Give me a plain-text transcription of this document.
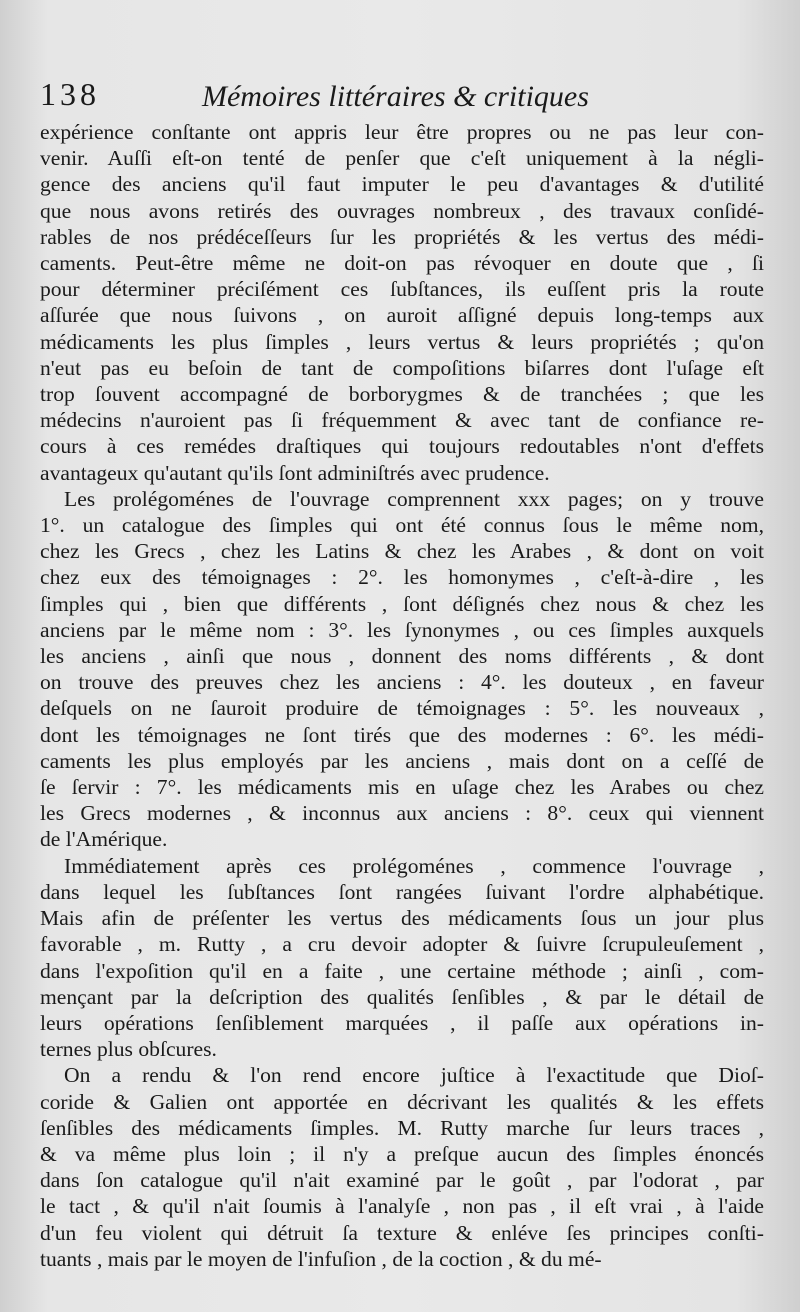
138	Mémoires littéraires & critiques
expérience conſtante ont appris leur être propres ou ne pas leur con-
venir. Auſſi eſt-on tenté de penſer que c'eſt uniquement à la négli-
gence des anciens qu'il faut imputer le peu d'avantages & d'utilité
que nous avons retirés des ouvrages nombreux , des travaux conſidé-
rables de nos prédéceſſeurs ſur les propriétés & les vertus des médi-
caments. Peut-être même ne doit-on pas révoquer en doute que , ſi
pour déterminer préciſément ces ſubſtances, ils euſſent pris la route
aſſurée que nous ſuivons , on auroit aſſigné depuis long-temps aux
médicaments les plus ſimples , leurs vertus & leurs propriétés ; qu'on
n'eut pas eu beſoin de tant de compoſitions biſarres dont l'uſage eſt
trop ſouvent accompagné de borborygmes & de tranchées ; que les
médecins n'auroient pas ſi fréquemment & avec tant de confiance re-
cours à ces remédes draſtiques qui toujours redoutables n'ont d'effets
avantageux qu'autant qu'ils ſont adminiſtrés avec prudence.
Les prolégoménes de l'ouvrage comprennent xxx pages; on y trouve
1°. un catalogue des ſimples qui ont été connus ſous le même nom,
chez les Grecs , chez les Latins & chez les Arabes , & dont on voit
chez eux des témoignages : 2°. les homonymes , c'eſt-à-dire , les
ſimples qui , bien que différents , ſont déſignés chez nous & chez les
anciens par le même nom : 3°. les ſynonymes , ou ces ſimples auxquels
les anciens , ainſi que nous , donnent des noms différents , & dont
on trouve des preuves chez les anciens : 4°. les douteux , en faveur
deſquels on ne ſauroit produire de témoignages : 5°. les nouveaux ,
dont les témoignages ne ſont tirés que des modernes : 6°. les médi-
caments les plus employés par les anciens , mais dont on a ceſſé de
ſe ſervir : 7°. les médicaments mis en uſage chez les Arabes ou chez
les Grecs modernes , & inconnus aux anciens : 8°. ceux qui viennent
de l'Amérique.
Immédiatement après ces prolégoménes , commence l'ouvrage ,
dans lequel les ſubſtances ſont rangées ſuivant l'ordre alphabétique.
Mais afin de préſenter les vertus des médicaments ſous un jour plus
favorable , m. Rutty , a cru devoir adopter & ſuivre ſcrupuleuſement ,
dans l'expoſition qu'il en a faite , une certaine méthode ; ainſi , com-
mençant par la deſcription des qualités ſenſibles , & par le détail de
leurs opérations ſenſiblement marquées , il paſſe aux opérations in-
ternes plus obſcures.
On a rendu & l'on rend encore juſtice à l'exactitude que Dioſ-
coride & Galien ont apportée en décrivant les qualités & les effets
ſenſibles des médicaments ſimples. M. Rutty marche ſur leurs traces ,
& va même plus loin ; il n'y a preſque aucun des ſimples énoncés
dans ſon catalogue qu'il n'ait examiné par le goût , par l'odorat , par
le tact , & qu'il n'ait ſoumis à l'analyſe , non pas , il eſt vrai , à l'aide
d'un feu violent qui détruit ſa texture & enléve ſes principes conſti-
tuants , mais par le moyen de l'infuſion , de la coction , & du mé-
